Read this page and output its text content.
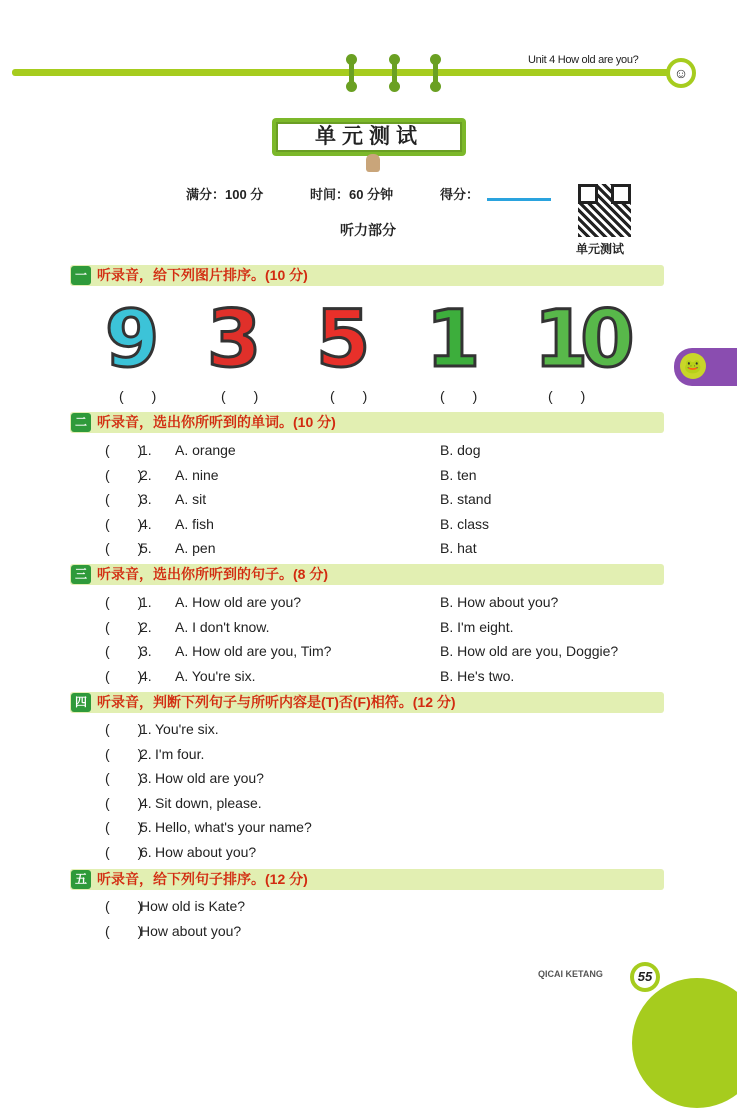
Unit 4 How old are you?
☺
单元测试
满分：100 分	时间：60 分钟	得分：
单元测试
听力部分
🐸
一 听录音，给下列图片排序。(10 分)
9
(　　)
3
(　　)
5
(　　)
1
(　　)
10
(　　)
二 听录音，选出你所听到的单词。(10 分)
(　　)
1. A. orange	B. dog
(　　)
2. A. nine	B. ten
(　　)
3. A. sit	B. stand
(　　)
4. A. fish	B. class
(　　)
5. A. pen	B. hat
三 听录音，选出你所听到的句子。(8 分)
(　　)
1. A. How old are you?	B. How about you?
(　　)
2. A. I don't know.	B. I'm eight.
(　　)
3. A. How old are you, Tim?	B. How old are you, Doggie?
(　　)
4. A. You're six.	B. He's two.
四 听录音，判断下列句子与所听内容是(T)否(F)相符。(12 分)
(　　)
1. You're six.
(　　)
2. I'm four.
(　　)
3. How old are you?
(　　)
4. Sit down, please.
(　　)
5. Hello, what's your name?
(　　)
6. How about you?
五 听录音，给下列句子排序。(12 分)
(　　)
How old is Kate?
(　　)
How about you?
QICAI KETANG	55
